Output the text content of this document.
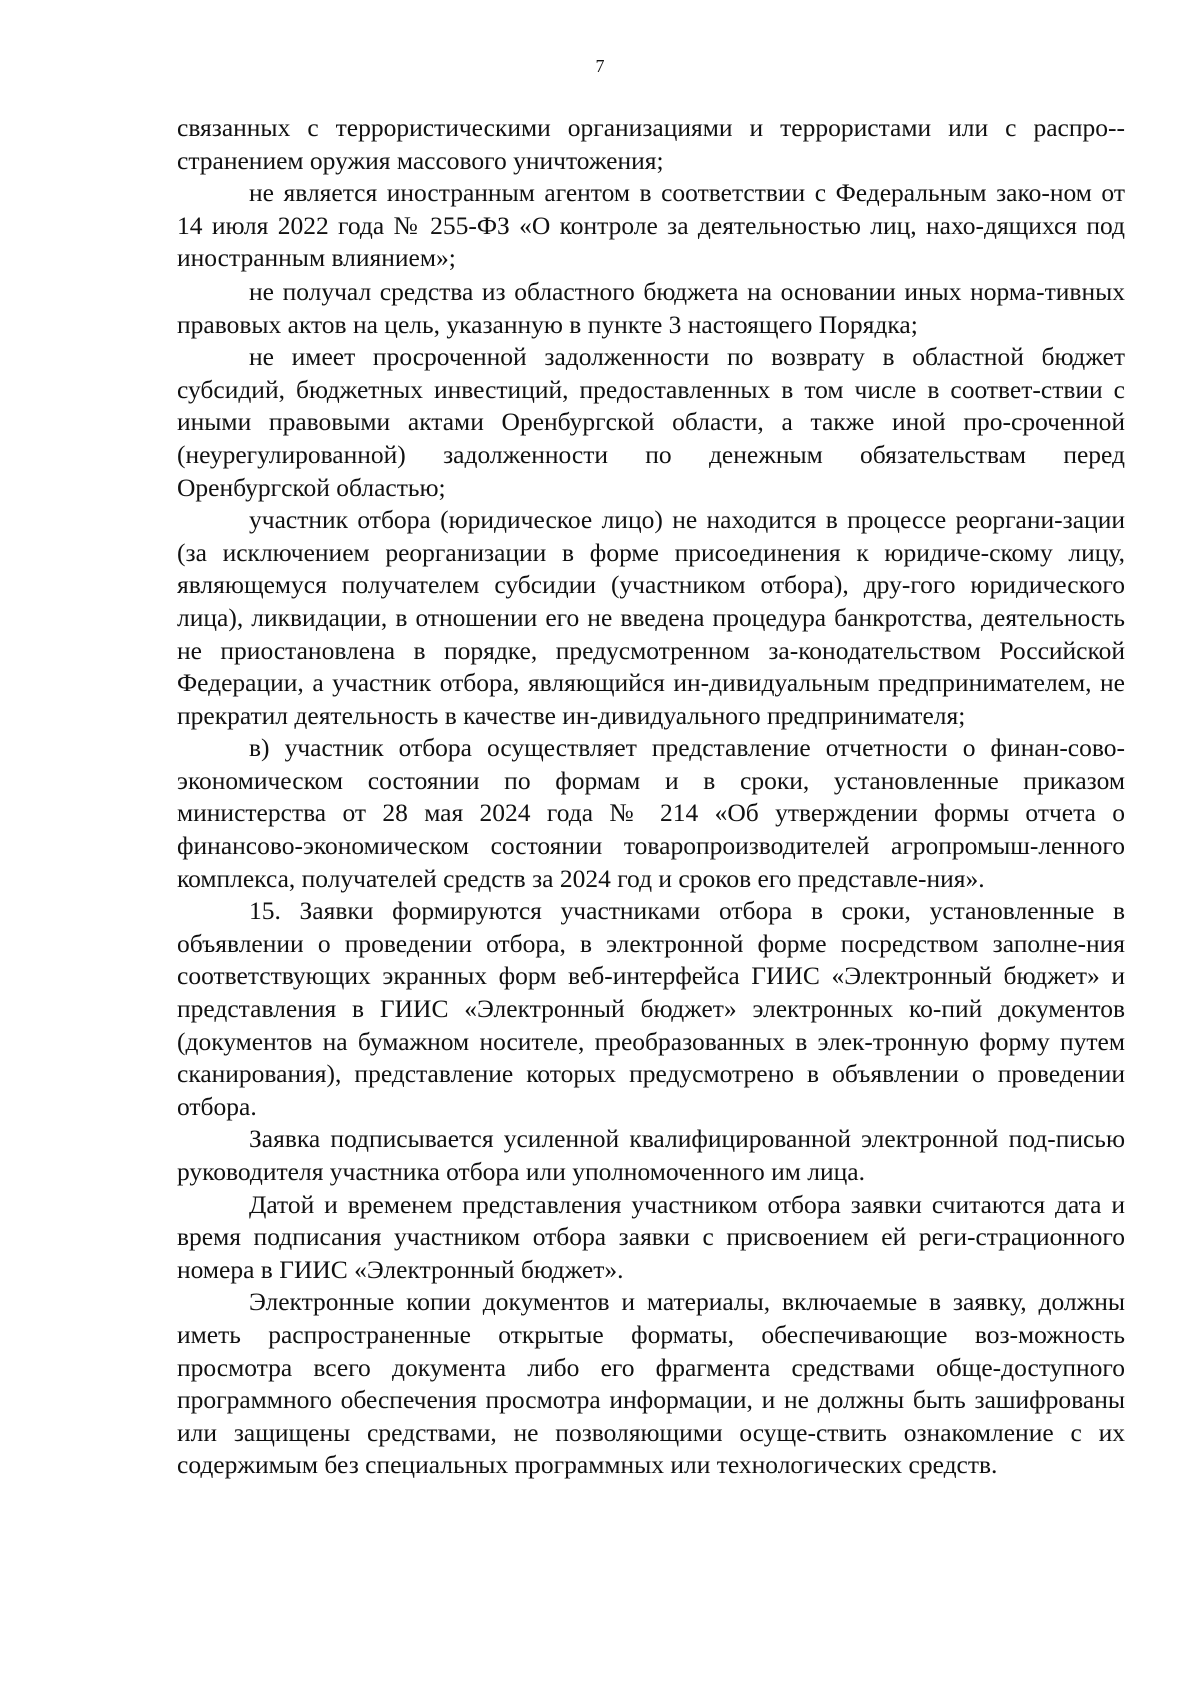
7

связанных с террористическими организациями и террористами или с распро-странением оружия массового уничтожения;

не является иностранным агентом в соответствии с Федеральным зако-ном от 14 июля 2022 года № 255-ФЗ «О контроле за деятельностью лиц, нахо-дящихся под иностранным влиянием»;

не получал средства из областного бюджета на основании иных норма-тивных правовых актов на цель, указанную в пункте 3 настоящего Порядка;

не имеет просроченной задолженности по возврату в областной бюджет субсидий, бюджетных инвестиций, предоставленных в том числе в соответ-ствии с иными правовыми актами Оренбургской области, а также иной про-сроченной (неурегулированной) задолженности по денежным обязательствам перед Оренбургской областью;

участник отбора (юридическое лицо) не находится в процессе реоргани-зации (за исключением реорганизации в форме присоединения к юридиче-скому лицу, являющемуся получателем субсидии (участником отбора), дру-гого юридического лица), ликвидации, в отношении его не введена процедура банкротства, деятельность не приостановлена в порядке, предусмотренном за-конодательством Российской Федерации, а участник отбора, являющийся ин-дивидуальным предпринимателем, не прекратил деятельность в качестве ин-дивидуального предпринимателя;

в) участник отбора осуществляет представление отчетности о финан-сово-экономическом состоянии по формам и в сроки, установленные приказом министерства от 28 мая 2024 года № 214 «Об утверждении формы отчета о финансово-экономическом состоянии товаропроизводителей агропромыш-ленного комплекса, получателей средств за 2024 год и сроков его представле-ния».

15. Заявки формируются участниками отбора в сроки, установленные в объявлении о проведении отбора, в электронной форме посредством заполне-ния соответствующих экранных форм веб-интерфейса ГИИС «Электронный бюджет» и представления в ГИИС «Электронный бюджет» электронных ко-пий документов (документов на бумажном носителе, преобразованных в элек-тронную форму путем сканирования), представление которых предусмотрено в объявлении о проведении отбора.

Заявка подписывается усиленной квалифицированной электронной под-писью руководителя участника отбора или уполномоченного им лица.

Датой и временем представления участником отбора заявки считаются дата и время подписания участником отбора заявки с присвоением ей реги-страционного номера в ГИИС «Электронный бюджет».

Электронные копии документов и материалы, включаемые в заявку, должны иметь распространенные открытые форматы, обеспечивающие воз-можность просмотра всего документа либо его фрагмента средствами обще-доступного программного обеспечения просмотра информации, и не должны быть зашифрованы или защищены средствами, не позволяющими осуще-ствить ознакомление с их содержимым без специальных программных или технологических средств.
